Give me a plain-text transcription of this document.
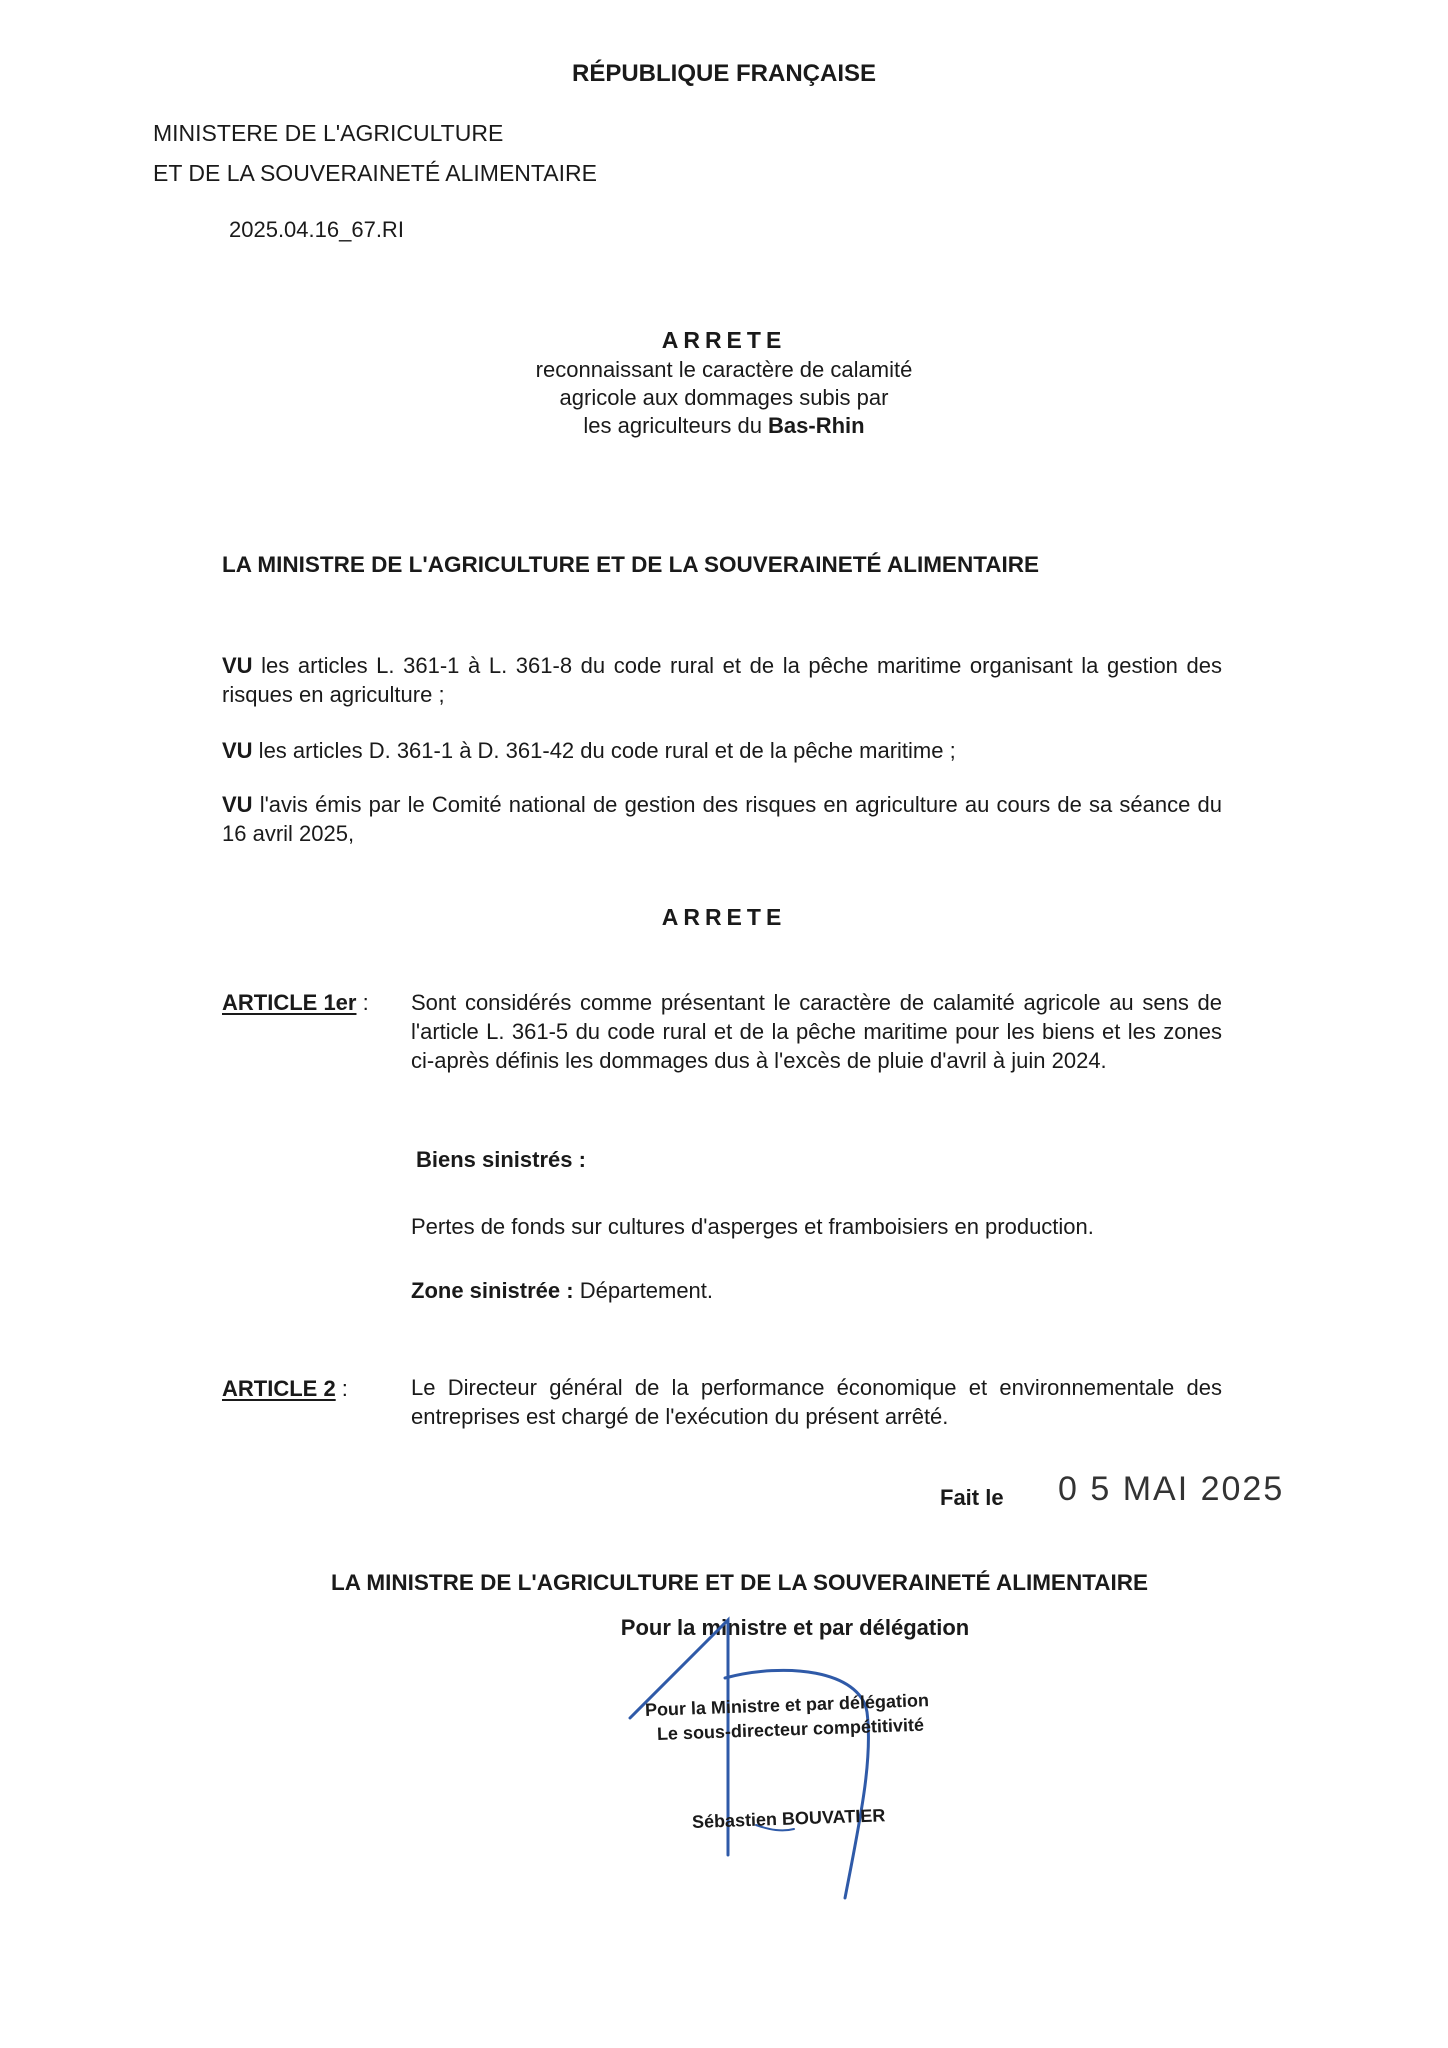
RÉPUBLIQUE FRANÇAISE
MINISTERE DE L'AGRICULTURE
ET DE LA SOUVERAINETÉ ALIMENTAIRE
2025.04.16_67.RI
ARRETE
reconnaissant le caractère de calamité
agricole aux dommages subis par
les agriculteurs du Bas-Rhin
LA MINISTRE DE L'AGRICULTURE ET DE LA SOUVERAINETÉ ALIMENTAIRE
VU les articles L. 361-1 à L. 361-8 du code rural et de la pêche maritime organisant la gestion des risques en agriculture ;
VU les articles D. 361-1 à D. 361-42 du code rural et de la pêche maritime ;
VU l'avis émis par le Comité national de gestion des risques en agriculture au cours de sa séance du 16 avril 2025,
ARRETE
ARTICLE 1er : Sont considérés comme présentant le caractère de calamité agricole au sens de l'article L. 361-5 du code rural et de la pêche maritime pour les biens et les zones ci-après définis les dommages dus à l'excès de pluie d'avril à juin 2024.
Biens sinistrés :
Pertes de fonds sur cultures d'asperges et framboisiers en production.
Zone sinistrée : Département.
ARTICLE 2 :	Le Directeur général de la performance économique et environnementale des entreprises est chargé de l'exécution du présent arrêté.
Fait le 0 5 MAI 2025
LA MINISTRE DE L'AGRICULTURE ET DE LA SOUVERAINETÉ ALIMENTAIRE
Pour la ministre et par délégation
Pour la Ministre et par délégation
Le sous-directeur compétitivité
Sébastien BOUVATIER
